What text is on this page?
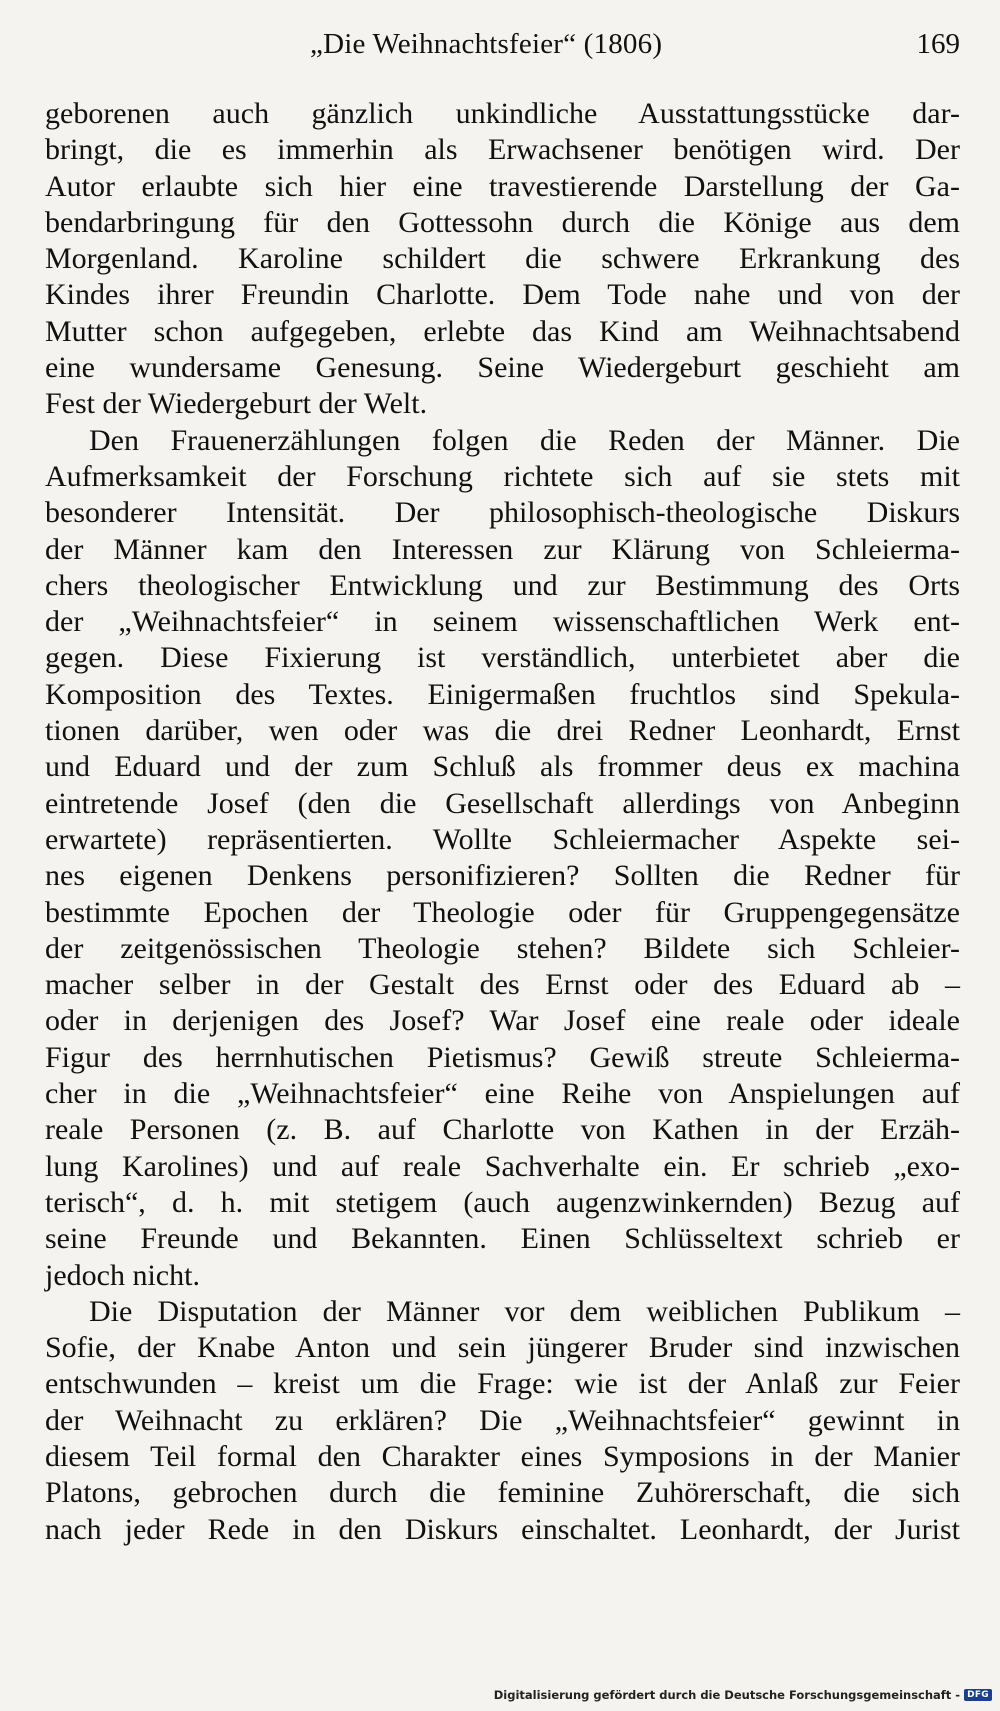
„Die Weihnachtsfeier“ (1806)	169
geborenen auch gänzlich unkindliche Ausstattungsstücke dar-
bringt, die es immerhin als Erwachsener benötigen wird. Der
Autor erlaubte sich hier eine travestierende Darstellung der Ga-
bendarbringung für den Gottessohn durch die Könige aus dem
Morgenland. Karoline schildert die schwere Erkrankung des
Kindes ihrer Freundin Charlotte. Dem Tode nahe und von der
Mutter schon aufgegeben, erlebte das Kind am Weihnachtsabend
eine wundersame Genesung. Seine Wiedergeburt geschieht am
Fest der Wiedergeburt der Welt.
Den Frauenerzählungen folgen die Reden der Männer. Die
Aufmerksamkeit der Forschung richtete sich auf sie stets mit
besonderer Intensität. Der philosophisch-theologische Diskurs
der Männer kam den Interessen zur Klärung von Schleierma-
chers theologischer Entwicklung und zur Bestimmung des Orts
der „Weihnachtsfeier“ in seinem wissenschaftlichen Werk ent-
gegen. Diese Fixierung ist verständlich, unterbietet aber die
Komposition des Textes. Einigermaßen fruchtlos sind Spekula-
tionen darüber, wen oder was die drei Redner Leonhardt, Ernst
und Eduard und der zum Schluß als frommer deus ex machina
eintretende Josef (den die Gesellschaft allerdings von Anbeginn
erwartete) repräsentierten. Wollte Schleiermacher Aspekte sei-
nes eigenen Denkens personifizieren? Sollten die Redner für
bestimmte Epochen der Theologie oder für Gruppengegensätze
der zeitgenössischen Theologie stehen? Bildete sich Schleier-
macher selber in der Gestalt des Ernst oder des Eduard ab –
oder in derjenigen des Josef? War Josef eine reale oder ideale
Figur des herrnhutischen Pietismus? Gewiß streute Schleierma-
cher in die „Weihnachtsfeier“ eine Reihe von Anspielungen auf
reale Personen (z. B. auf Charlotte von Kathen in der Erzäh-
lung Karolines) und auf reale Sachverhalte ein. Er schrieb „exo-
terisch“, d. h. mit stetigem (auch augenzwinkernden) Bezug auf
seine Freunde und Bekannten. Einen Schlüsseltext schrieb er
jedoch nicht.
Die Disputation der Männer vor dem weiblichen Publikum –
Sofie, der Knabe Anton und sein jüngerer Bruder sind inzwischen
entschwunden – kreist um die Frage: wie ist der Anlaß zur Feier
der Weihnacht zu erklären? Die „Weihnachtsfeier“ gewinnt in
diesem Teil formal den Charakter eines Symposions in der Manier
Platons, gebrochen durch die feminine Zuhörerschaft, die sich
nach jeder Rede in den Diskurs einschaltet. Leonhardt, der Jurist
Digitalisierung gefördert durch die Deutsche Forschungsgemeinschaft - DFG
